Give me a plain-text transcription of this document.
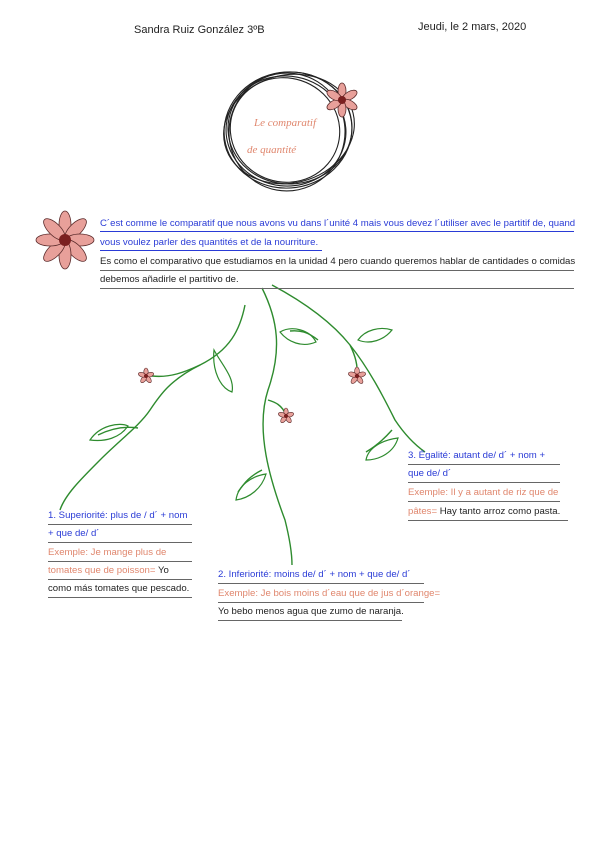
Sandra Ruiz González 3ºB	Jeudi, le 2 mars, 2020
Le comparatif
de quantité
C´est comme le comparatif que nous avons vu dans l´unité 4 mais vous devez l´utiliser avec le partitif de, quand
vous voulez parler des quantités et de la nourriture.
Es como el comparativo que estudiamos en la unidad 4 pero cuando queremos hablar de cantidades o comidas
debemos añadirle el partitivo de.
3. Égalité: autant de/ d´ + nom +
que de/ d´
Exemple: Il y a autant de riz que de
pâtes= Hay tanto arroz como pasta.
1. Superiorité: plus de / d´ + nom
+ que de/ d´
Exemple: Je mange plus de
tomates que de poisson= Yo
como más tomates que pescado.
2. Inferiorité: moins de/ d´ + nom + que de/ d´
Exemple: Je bois moins d´eau que de jus d´orange=
Yo bebo menos agua que zumo de naranja.
